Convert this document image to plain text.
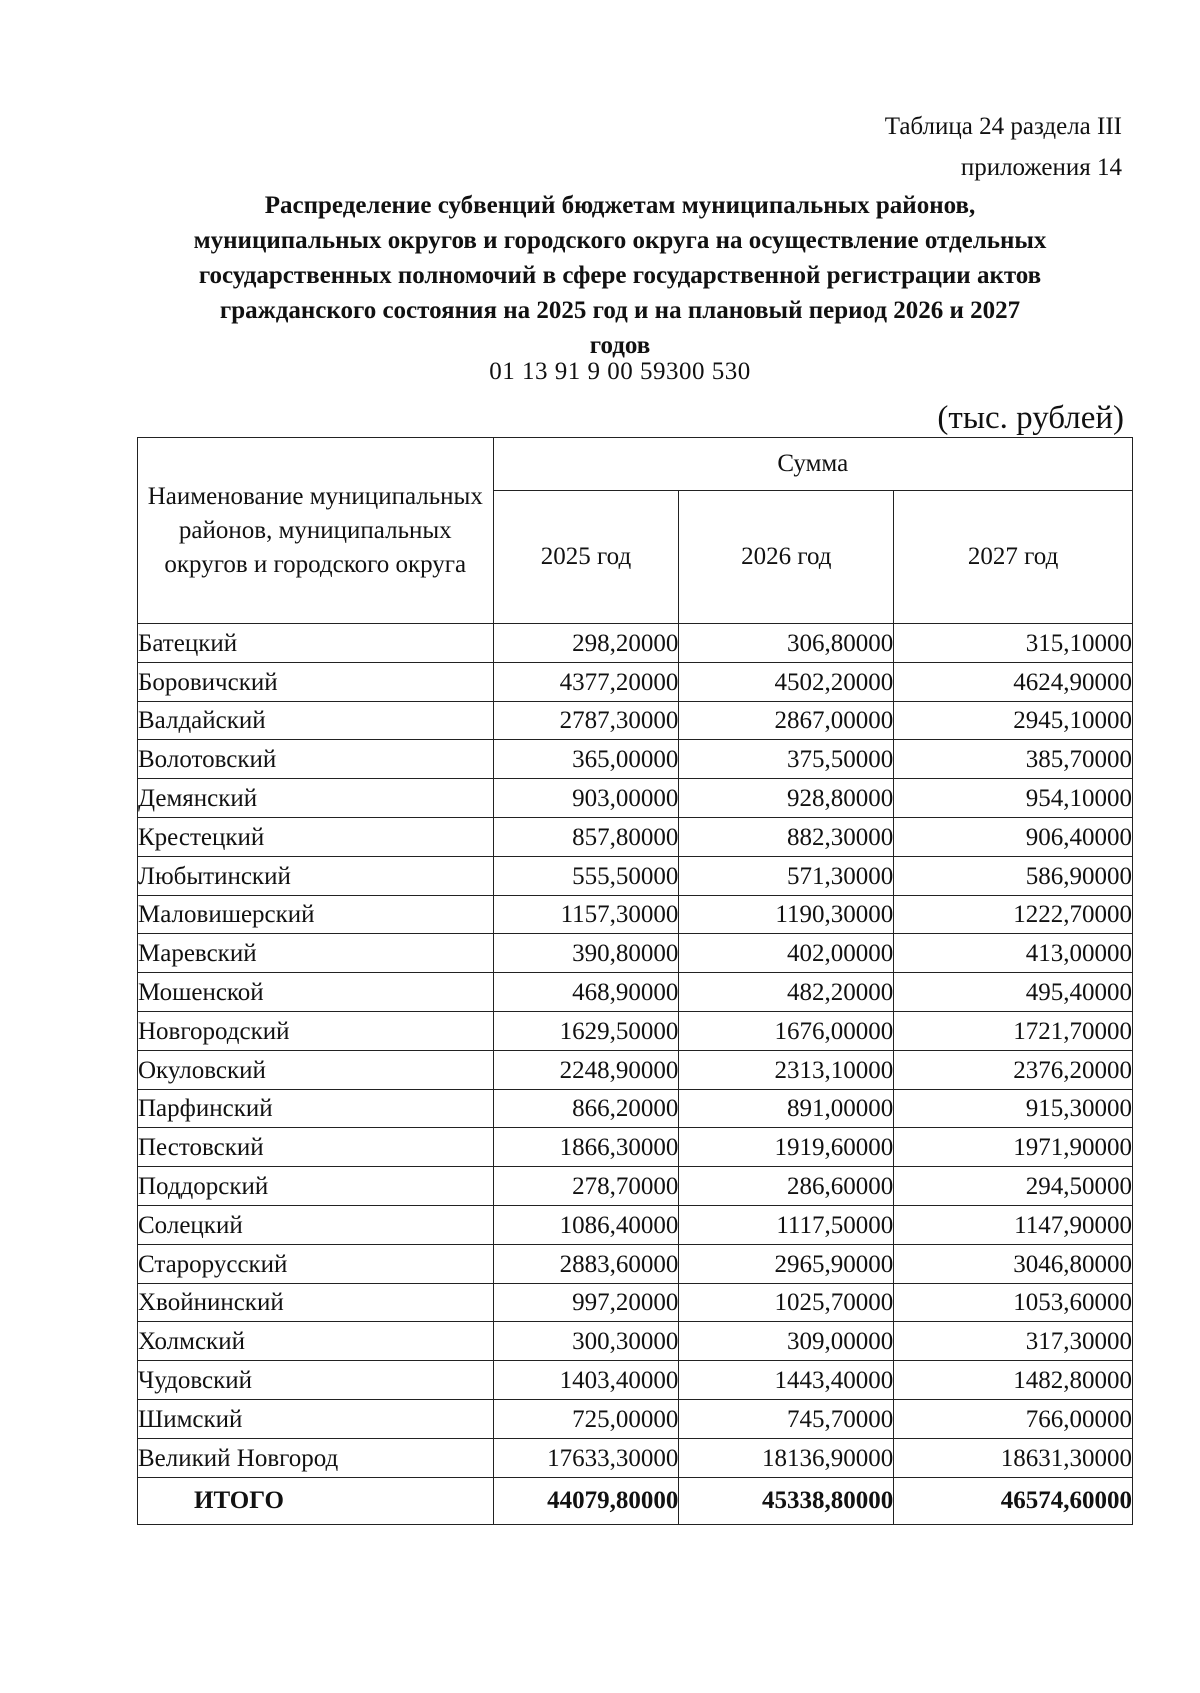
Таблица 24 раздела III
приложения 14
Распределение субвенций бюджетам муниципальных районов,
муниципальных округов и городского округа на осуществление отдельных
государственных полномочий в сфере государственной регистрации актов
гражданского состояния на 2025 год и на плановый период 2026 и 2027
годов
01 13 91 9 00 59300 530
(тыс. рублей)
Наименование муниципальных районов, муниципальных округов и городского округа	Сумма		
	2025 год	2026 год	2027 год
Батецкий	298,20000	306,80000	315,10000
Боровичский	4377,20000	4502,20000	4624,90000
Валдайский	2787,30000	2867,00000	2945,10000
Волотовский	365,00000	375,50000	385,70000
Демянский	903,00000	928,80000	954,10000
Крестецкий	857,80000	882,30000	906,40000
Любытинский	555,50000	571,30000	586,90000
Маловишерский	1157,30000	1190,30000	1222,70000
Маревский	390,80000	402,00000	413,00000
Мошенской	468,90000	482,20000	495,40000
Новгородский	1629,50000	1676,00000	1721,70000
Окуловский	2248,90000	2313,10000	2376,20000
Парфинский	866,20000	891,00000	915,30000
Пестовский	1866,30000	1919,60000	1971,90000
Поддорский	278,70000	286,60000	294,50000
Солецкий	1086,40000	1117,50000	1147,90000
Старорусский	2883,60000	2965,90000	3046,80000
Хвойнинский	997,20000	1025,70000	1053,60000
Холмский	300,30000	309,00000	317,30000
Чудовский	1403,40000	1443,40000	1482,80000
Шимский	725,00000	745,70000	766,00000
Великий Новгород	17633,30000	18136,90000	18631,30000
ИТОГО	44079,80000	45338,80000	46574,60000
